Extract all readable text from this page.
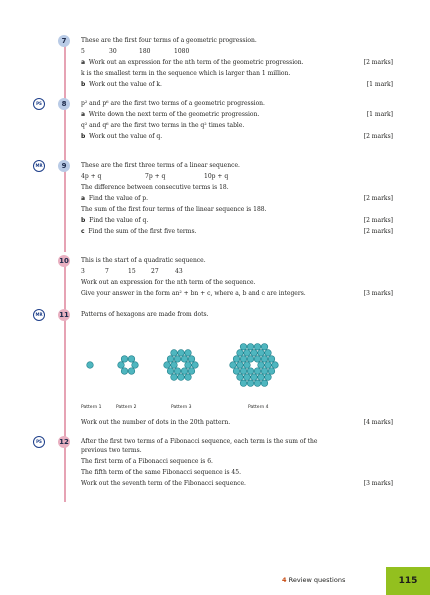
7	These are the first four terms of a geometric progression.
5	30	180	1080
a Work out an expression for the nth term of the geometric progression.	[2 marks]
k is the smallest term in the sequence which is larger than 1 million.
b Work out the value of k.	[1 mark]
PS	8	p² and p⁶ are the first two terms of a geometric progression.
a Write down the next term of the geometric progression.	[1 mark]
q² and q⁶ are the first two terms in the q² times table.
b Work out the value of q.	[2 marks]
MR	9	These are the first three terms of a linear sequence.
4p + q	7p + q	10p + q
The difference between consecutive terms is 18.
a Find the value of p.	[2 marks]
The sum of the first four terms of the linear sequence is 188.
b Find the value of q.	[2 marks]
c Find the sum of the first five terms.	[2 marks]
10 This is the start of a quadratic sequence.
3	7	15	27	43
Work out an expression for the nth term of the sequence.
Give your answer in the form an² + bn + c, where a, b and c are integers.	[3 marks]
MR	11 Patterns of hexagons are made from dots.
Pattern 1	Pattern 2	Pattern 3	Pattern 4
Work out the number of dots in the 20th pattern.	[4 marks]
PS	12 After the first two terms of a Fibonacci sequence, each term is the sum of the
previous two terms.
The first term of a Fibonacci sequence is 6.
The fifth term of the same Fibonacci sequence is 45.
Work out the seventh term of the Fibonacci sequence.	[3 marks]
4 Review questions	115
